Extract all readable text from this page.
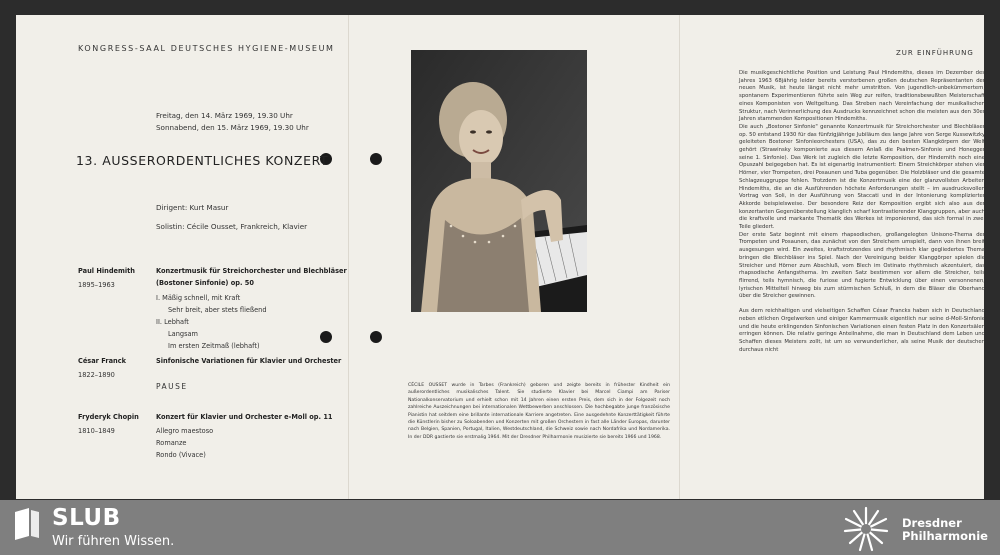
KONGRESS-SAAL DEUTSCHES HYGIENE-MUSEUM
Freitag, den 14. März 1969, 19.30 Uhr
Sonnabend, den 15. März 1969, 19.30 Uhr
13. AUSSERORDENTLICHES KONZERT
Dirigent: Kurt Masur
Solistin: Cécile Ousset, Frankreich, Klavier
Paul Hindemith
1895–1963
Konzertmusik für Streichorchester und Blechbläser
(Bostoner Sinfonie) op. 50
I. Mäßig schnell, mit Kraft
Sehr breit, aber stets fließend
II. Lebhaft
Langsam
Im ersten Zeitmaß (lebhaft)
César Franck
1822–1890
Sinfonische Variationen für Klavier und Orchester
PAUSE
Fryderyk Chopin
1810–1849
Konzert für Klavier und Orchester e-Moll op. 11
Allegro maestoso
Romanze
Rondo (Vivace)
CÉCILE OUSSET wurde in Tarbes (Frankreich) geboren und zeigte bereits in frühester Kindheit ein außerordentliches musikalisches Talent. Sie studierte Klavier bei Marcel Ciampi am Pariser Nationalkonservatorium und erhielt schon mit 14 Jahren einen ersten Preis, dem sich in der Folgezeit noch zahlreiche Auszeichnungen bei internationalen Wettbewerben anschlossen. Die hochbegabte junge französische Pianistin hat seitdem eine brillante internationale Karriere angetreten. Eine ausgedehnte Konzerttätigkeit führte die Künstlerin bisher zu Soloabenden und Konzerten mit großen Orchestern in fast alle Länder Europas, darunter nach Belgien, Spanien, Portugal, Italien, Westdeutschland, die Schweiz sowie nach Nordafrika und Nordamerika. In der DDR gastierte sie erstmalig 1964. Mit der Dresdner Philharmonie musizierte sie bereits 1966 und 1968.
ZUR EINFÜHRUNG

Die musikgeschichtliche Position und Leistung Paul Hindemiths, dieses im Dezember des Jahres 1963 68jährig leider bereits verstorbenen großen deutschen Repräsentanten der neuen Musik, ist heute längst nicht mehr umstritten. Von jugendlich-unbekümmertem, spontanem Experimentieren führte sein Weg zur reifen, traditionsbewußten Meisterschaft eines Komponisten von Weltgeltung. Das Streben nach Vereinfachung der musikalischen Struktur, nach Verinnerlichung des Ausdrucks kennzeichnet schon die meisten aus den 30er Jahren stammenden Kompositionen Hindemiths.

Die auch „Bostoner Sinfonie" genannte Konzertmusik für Streichorchester und Blechbläser op. 50 entstand 1930 für das fünfzigjährige Jubiläum des lange Jahre von Serge Kussewitzky geleiteten Bostoner Sinfonieorchesters (USA), das zu den besten Klangkörpern der Welt gehört (Strawinsky komponierte aus diesem Anlaß die Psalmen-Sinfonie und Honegger seine 1. Sinfonie). Das Werk ist zugleich die letzte Komposition, der Hindemith noch eine Opuszahl beigegeben hat. Es ist eigenartig instrumentiert: Einem Streichkörper stehen vier Hörner, vier Trompeten, drei Posaunen und Tuba gegenüber. Die Holzbläser und die gesamte Schlagzeuggruppe fehlen. Trotzdem ist die Konzertmusik eine der glanzvollsten Arbeiten Hindemiths, die an die Ausführenden höchste Anforderungen stellt – im ausdrucksvollen Vortrag von Soli, in der Ausführung von Staccati und in der Intonierung komplizierter Akkorde beispielsweise. Der besondere Reiz der Komposition ergibt sich also aus der konzertanten Gegenüberstellung klanglich scharf kontrastierender Klanggruppen, aber auch die kraftvolle und markante Thematik des Werkes ist imponierend, das sich formal in zwei Teile gliedert.

Der erste Satz beginnt mit einem rhapsodischen, großangelegten Unisono-Thema der Trompeten und Posaunen, das zunächst von den Streichern umspielt, dann von ihnen breit ausgesungen wird. Ein zweites, kraftstrotzendes und rhythmisch klar gegliedertes Thema bringen die Blechbläser ins Spiel. Nach der Vereinigung beider Klanggörper spielen die Streicher und Hörner zum Abschluß, vom Blech im Ostinato rhythmisch akzentuiert, das rhapsodische Anfangsthema. Im zweiten Satz bestimmen vor allem die Streicher, teils flirrend, teils hymnisch, die furiose und fugierte Entwicklung über einen versonnenen, lyrischen Mittelteil hinweg bis zum stürmischen Schluß, in dem die Bläser die Oberhand über die Streicher gewinnen.

Aus dem reichhaltigen und vielseitigen Schaffen César Francks haben sich in Deutschland neben etlichen Orgelwerken und einiger Kammermusik eigentlich nur seine d-Moll-Sinfonie und die heute erklingenden Sinfonischen Variationen einen festen Platz in den Konzertsälen erringen können. Die relativ geringe Anteilnahme, die man in Deutschland dem Leben und Schaffen dieses Meisters zollt, ist um so verwunderlicher, als seine Musik der deutschen durchaus nicht

SLUB
Wir führen Wissen.
Dresdner
Philharmonie
